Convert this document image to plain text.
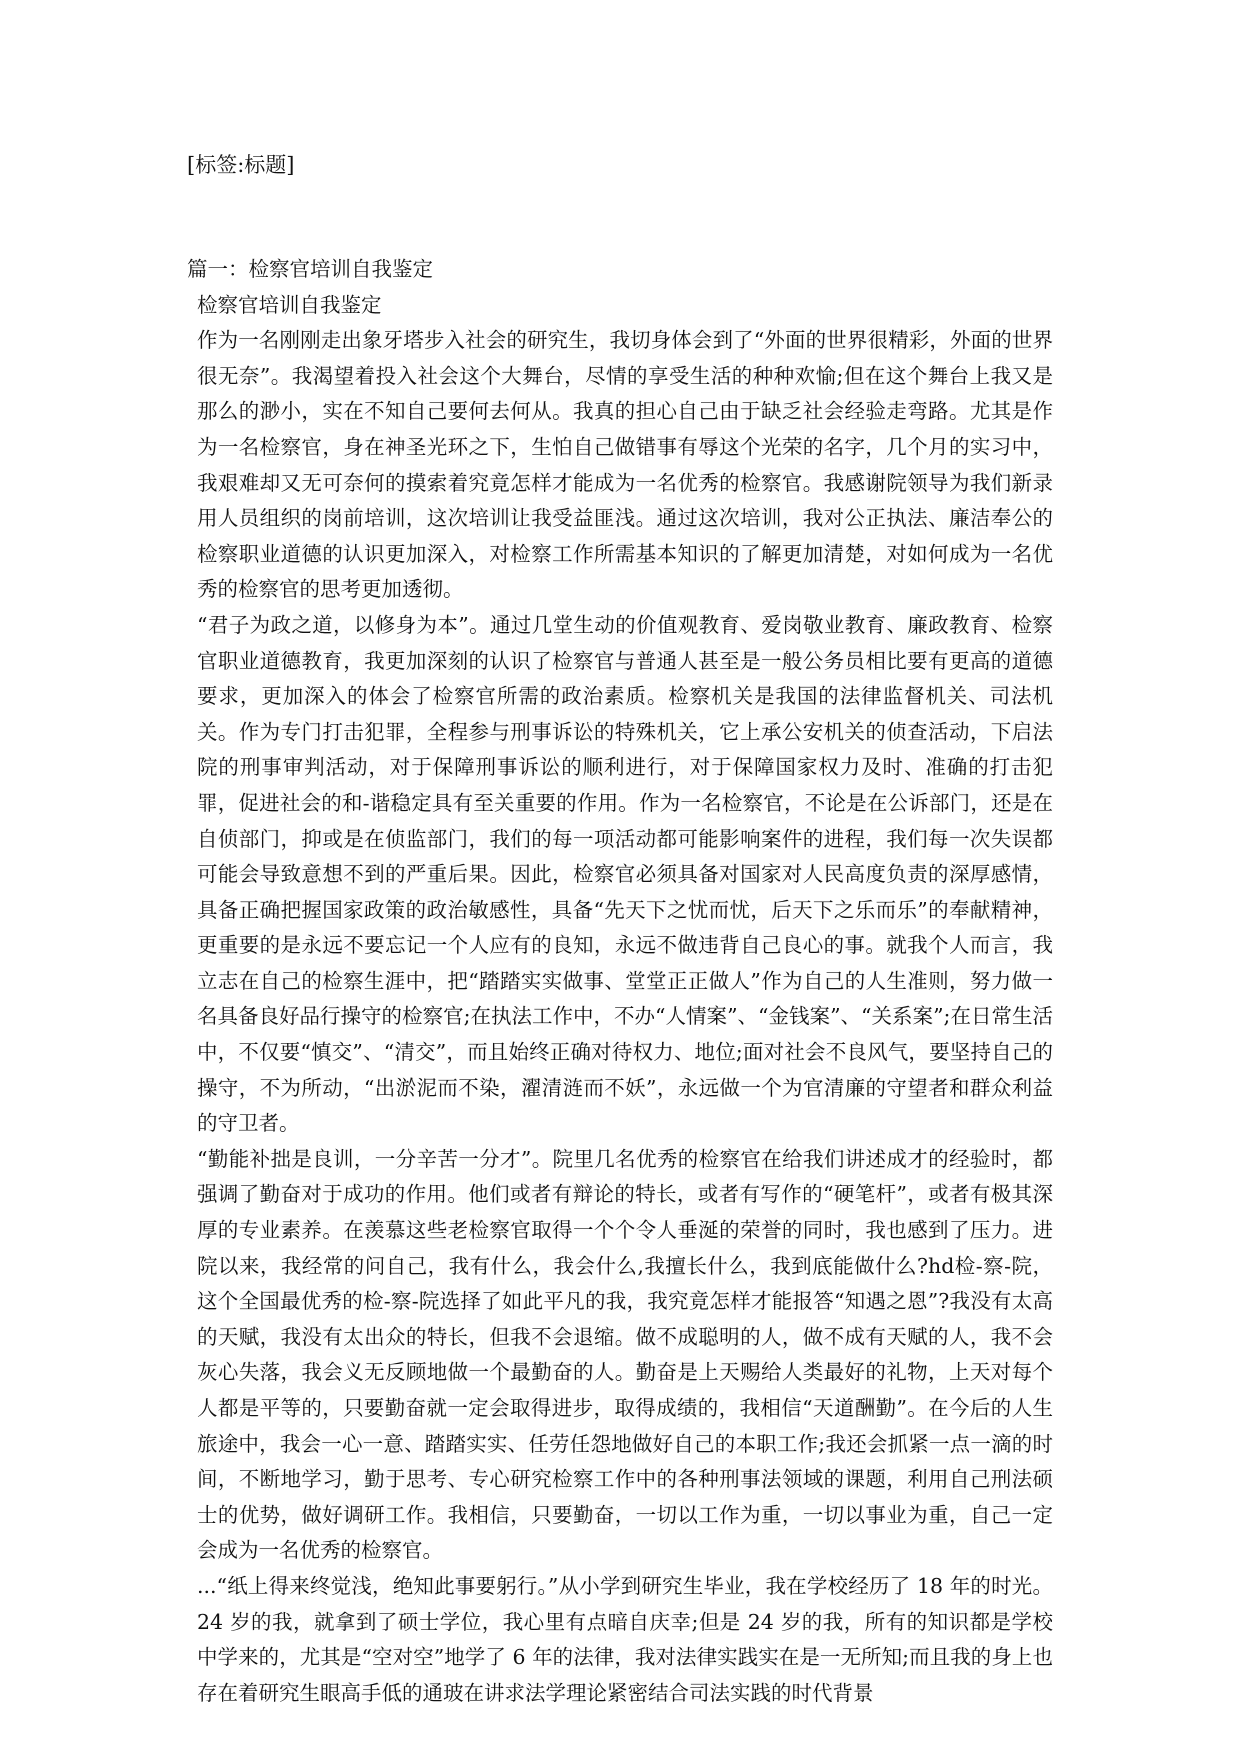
[标签:标题]

篇一：检察官培训自我鉴定

检察官培训自我鉴定

作为一名刚刚走出象牙塔步入社会的研究生，我切身体会到了“外面的世界很精彩，外面的世界很无奈”。我渴望着投入社会这个大舞台，尽情的享受生活的种种欢愉;但在这个舞台上我又是那么的渺小，实在不知自己要何去何从。我真的担心自己由于缺乏社会经验走弯路。尤其是作为一名检察官，身在神圣光环之下，生怕自己做错事有辱这个光荣的名字，几个月的实习中，我艰难却又无可奈何的摸索着究竟怎样才能成为一名优秀的检察官。我感谢院领导为我们新录用人员组织的岗前培训，这次培训让我受益匪浅。通过这次培训，我对公正执法、廉洁奉公的检察职业道德的认识更加深入，对检察工作所需基本知识的了解更加清楚，对如何成为一名优秀的检察官的思考更加透彻。

“君子为政之道，以修身为本”。通过几堂生动的价值观教育、爱岗敬业教育、廉政教育、检察官职业道德教育，我更加深刻的认识了检察官与普通人甚至是一般公务员相比要有更高的道德要求，更加深入的体会了检察官所需的政治素质。检察机关是我国的法律监督机关、司法机关。作为专门打击犯罪，全程参与刑事诉讼的特殊机关，它上承公安机关的侦查活动，下启法院的刑事审判活动，对于保障刑事诉讼的顺利进行，对于保障国家权力及时、准确的打击犯罪，促进社会的和-谐稳定具有至关重要的作用。作为一名检察官，不论是在公诉部门，还是在自侦部门，抑或是在侦监部门，我们的每一项活动都可能影响案件的进程，我们每一次失误都可能会导致意想不到的严重后果。因此，检察官必须具备对国家对人民高度负责的深厚感情，具备正确把握国家政策的政治敏感性，具备“先天下之忧而忧，后天下之乐而乐”的奉献精神，更重要的是永远不要忘记一个人应有的良知，永远不做违背自己良心的事。就我个人而言，我立志在自己的检察生涯中，把“踏踏实实做事、堂堂正正做人”作为自己的人生准则，努力做一名具备良好品行操守的检察官;在执法工作中，不办“人情案”、“金钱案”、“关系案”;在日常生活中，不仅要“慎交”、“清交”，而且始终正确对待权力、地位;面对社会不良风气，要坚持自己的操守，不为所动，“出淤泥而不染，濯清涟而不妖”，永远做一个为官清廉的守望者和群众利益的守卫者。

“勤能补拙是良训，一分辛苦一分才”。院里几名优秀的检察官在给我们讲述成才的经验时，都强调了勤奋对于成功的作用。他们或者有辩论的特长，或者有写作的“硬笔杆”，或者有极其深厚的专业素养。在羡慕这些老检察官取得一个个令人垂涎的荣誉的同时，我也感到了压力。进院以来，我经常的问自己，我有什么，我会什么,我擅长什么，我到底能做什么?hd检-察-院，这个全国最优秀的检-察-院选择了如此平凡的我，我究竟怎样才能报答“知遇之恩”?我没有太高的天赋，我没有太出众的特长，但我不会退缩。做不成聪明的人，做不成有天赋的人，我不会灰心失落，我会义无反顾地做一个最勤奋的人。勤奋是上天赐给人类最好的礼物，上天对每个人都是平等的，只要勤奋就一定会取得进步，取得成绩的，我相信“天道酬勤”。在今后的人生旅途中，我会一心一意、踏踏实实、任劳任怨地做好自己的本职工作;我还会抓紧一点一滴的时间，不断地学习，勤于思考、专心研究检察工作中的各种刑事法领域的课题，利用自己刑法硕士的优势，做好调研工作。我相信，只要勤奋，一切以工作为重，一切以事业为重，自己一定会成为一名优秀的检察官。

...“纸上得来终觉浅，绝知此事要躬行。”从小学到研究生毕业，我在学校经历了 18 年的时光。24 岁的我，就拿到了硕士学位，我心里有点暗自庆幸;但是 24 岁的我，所有的知识都是学校中学来的，尤其是“空对空”地学了 6 年的法律，我对法律实践实在是一无所知;而且我的身上也存在着研究生眼高手低的通玻在讲求法学理论紧密结合司法实践的时代背景
